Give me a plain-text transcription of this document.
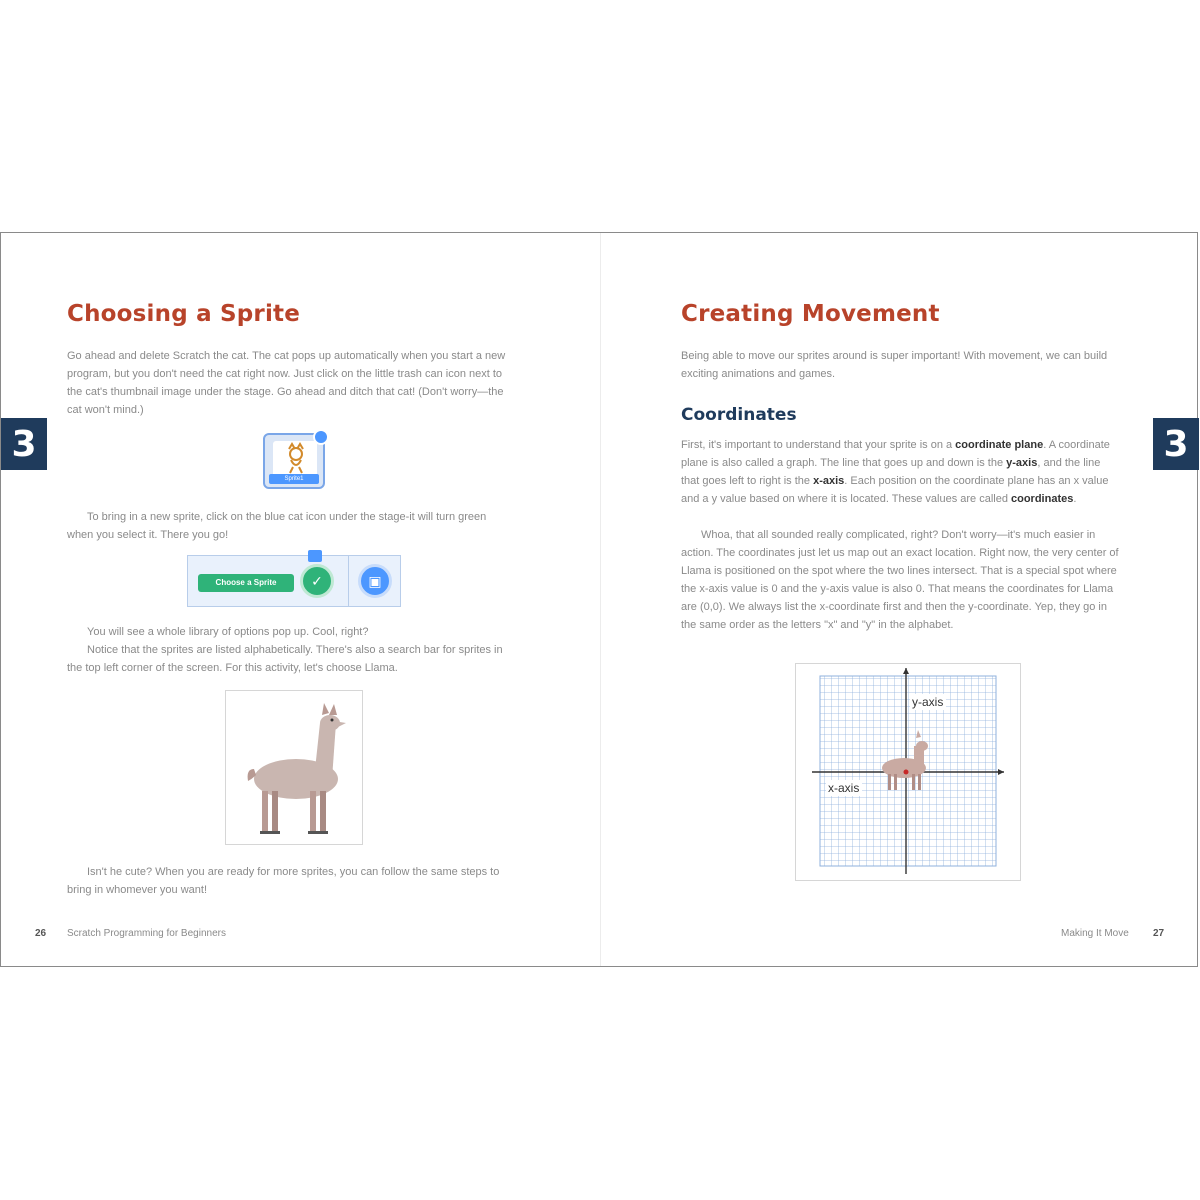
3	3
Choosing a Sprite

Go ahead and delete Scratch the cat. The cat pops up automatically when you start a new program, but you don't need the cat right now. Just click on the little trash can icon next to the cat's thumbnail image under the stage. Go ahead and ditch that cat! (Don't worry—the cat won't mind.)

Sprite1

To bring in a new sprite, click on the blue cat icon under the stage-it will turn green when you select it. There you go!

Choose a Sprite	✓	▣

You will see a whole library of options pop up. Cool, right?

Notice that the sprites are listed alphabetically. There's also a search bar for sprites in the top left corner of the screen. For this activity, let's choose Llama.

Isn't he cute? When you are ready for more sprites, you can follow the same steps to bring in whomever you want!

26 Scratch Programming for Beginners
Creating Movement

Being able to move our sprites around is super important! With movement, we can build exciting animations and games.

Coordinates

First, it's important to understand that your sprite is on a coordinate plane. A coordinate plane is also called a graph. The line that goes up and down is the y-axis, and the line that goes left to right is the x-axis. Each position on the coordinate plane has an x value and a y value based on where it is located. These values are called coordinates.

Whoa, that all sounded really complicated, right? Don't worry—it's much easier in action. The coordinates just let us map out an exact location. Right now, the very center of Llama is positioned on the spot where the two lines intersect. That is a special spot where the x-axis value is 0 and the y-axis value is also 0. That means the coordinates for Llama are (0,0). We always list the x-coordinate first and then the y-coordinate. Yep, they go in the same order as the letters "x" and "y" in the alphabet.

y-axis
x-axis
Making It Move 27
